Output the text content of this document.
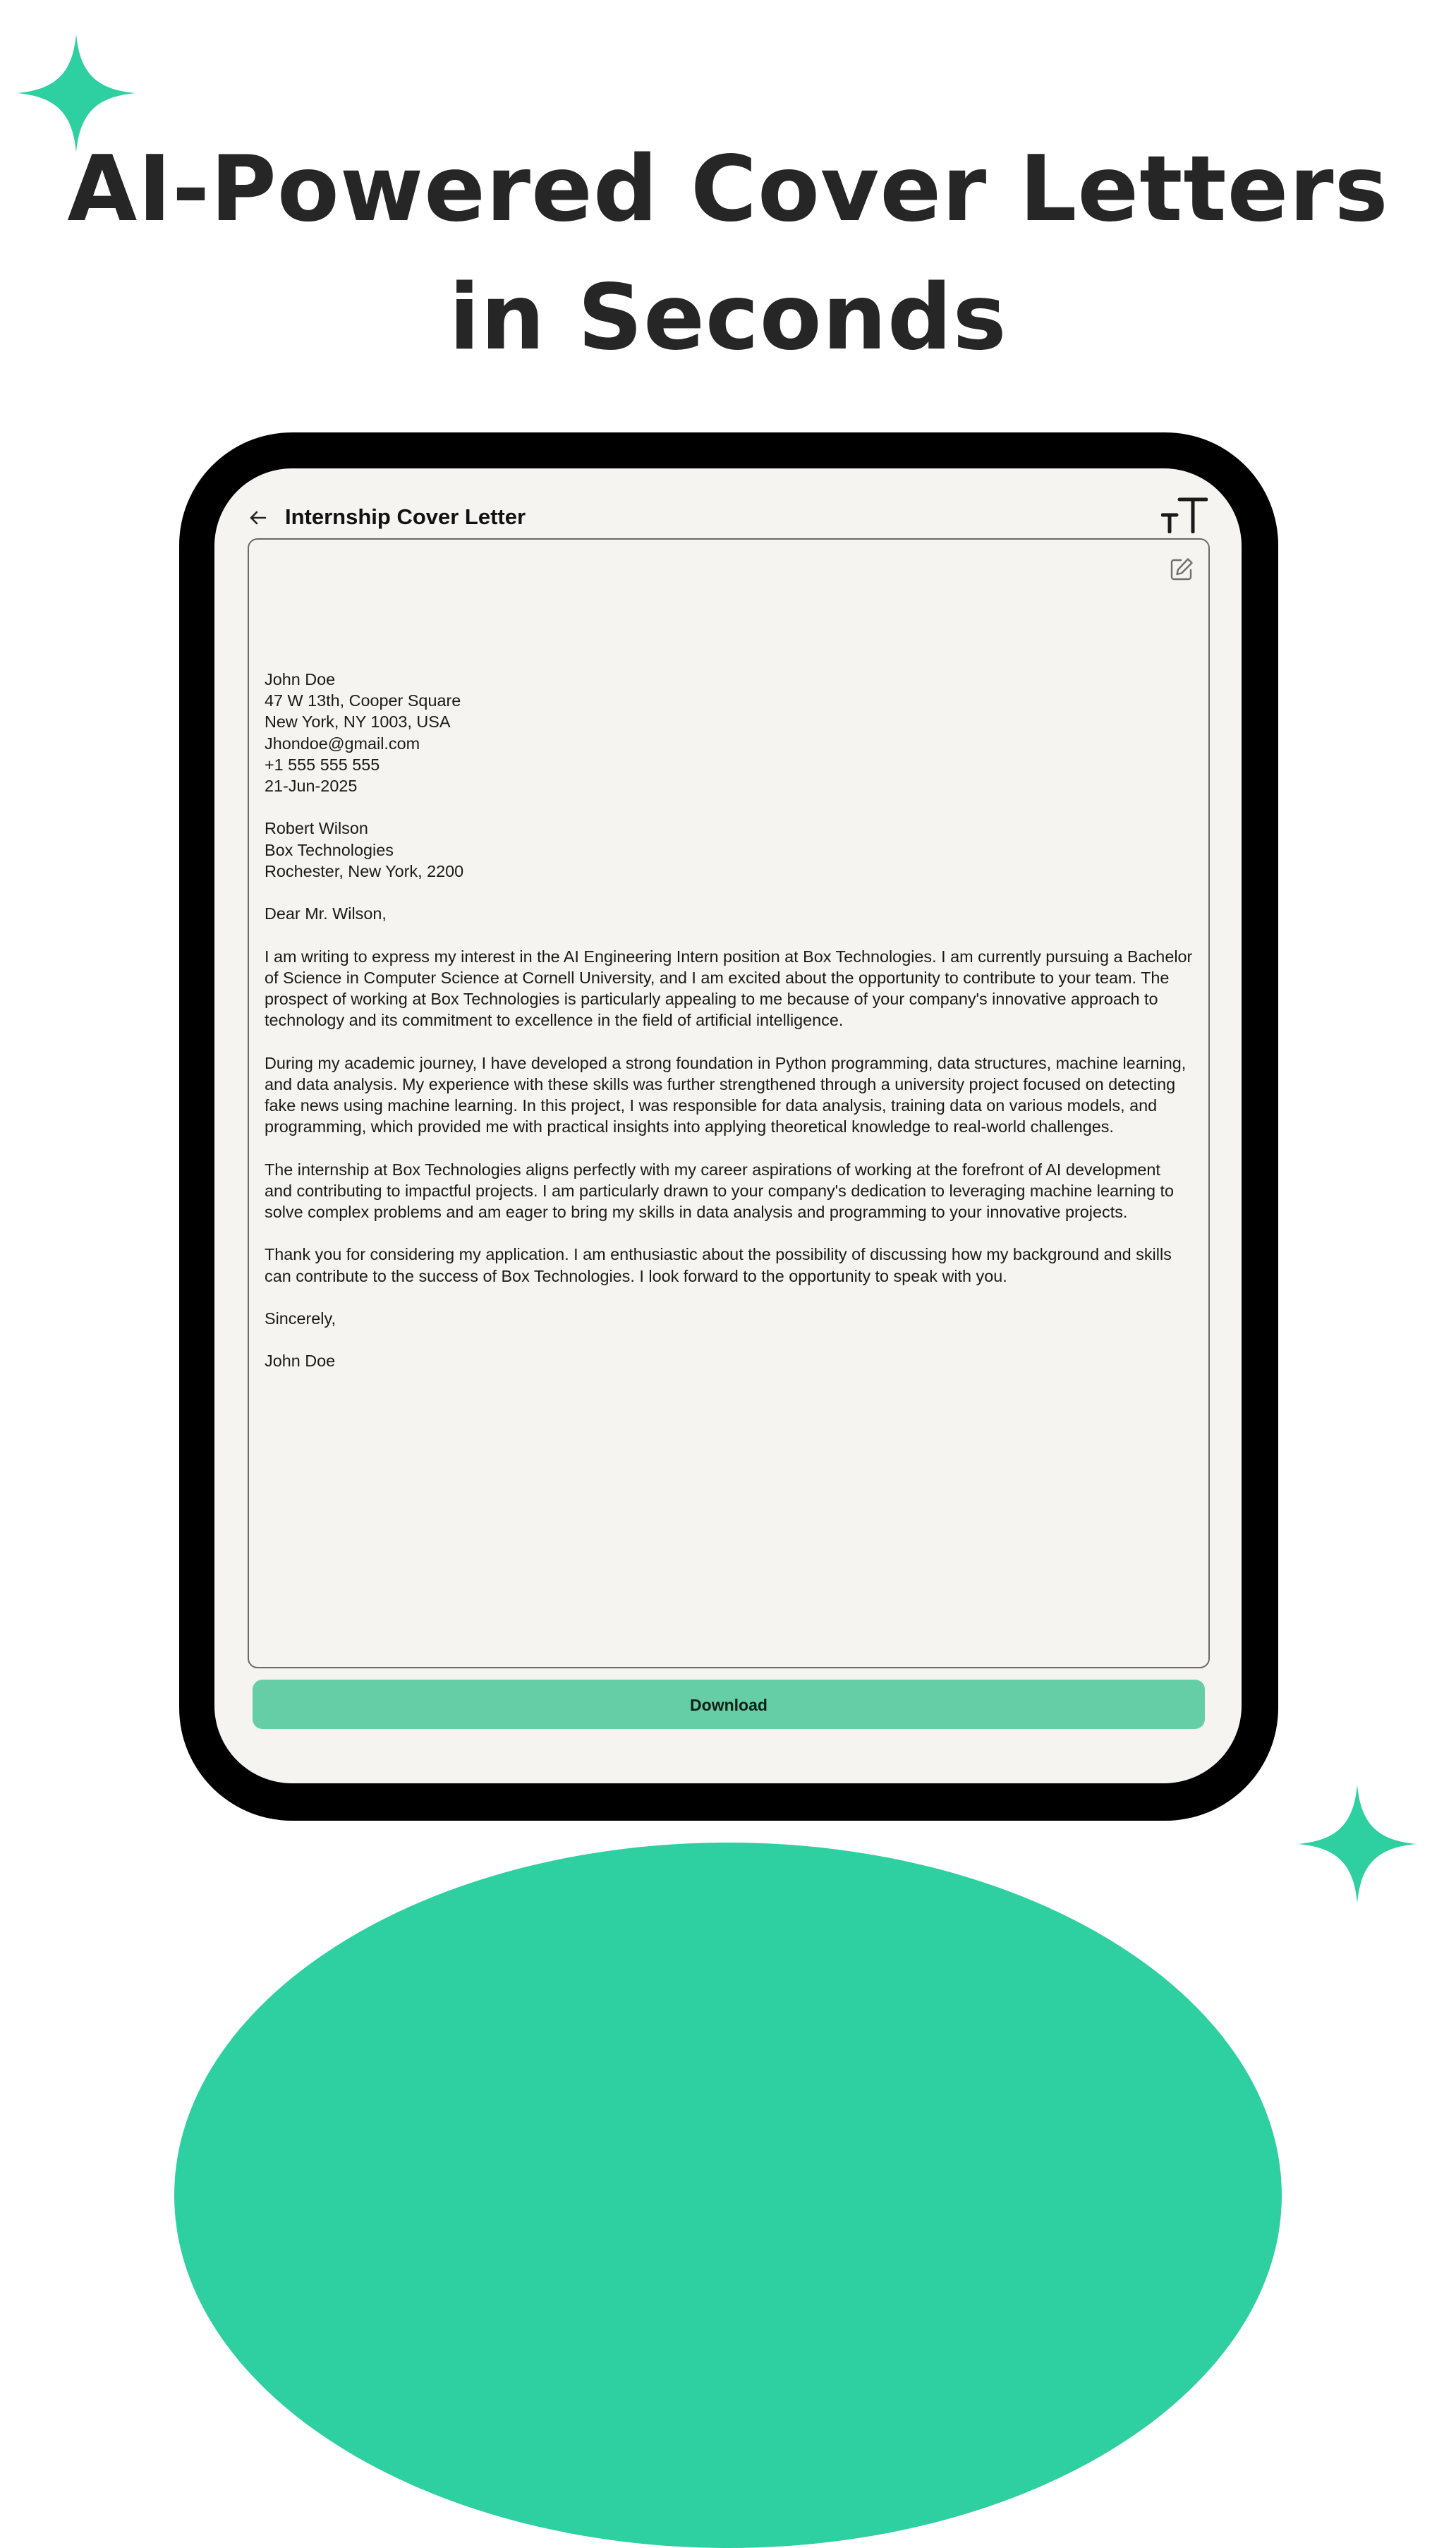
AI-Powered Cover Letters
in Seconds
Internship Cover Letter
John Doe
47 W 13th, Cooper Square
New York, NY 1003, USA
Jhondoe@gmail.com
+1 555 555 555
21-Jun-2025
Robert Wilson
Box Technologies
Rochester, New York, 2200
Dear Mr. Wilson,
I am writing to express my interest in the AI Engineering Intern position at Box Technologies. I am currently pursuing a Bachelor
of Science in Computer Science at Cornell University, and I am excited about the opportunity to contribute to your team. The
prospect of working at Box Technologies is particularly appealing to me because of your company's innovative approach to
technology and its commitment to excellence in the field of artificial intelligence.
During my academic journey, I have developed a strong foundation in Python programming, data structures, machine learning,
and data analysis. My experience with these skills was further strengthened through a university project focused on detecting
fake news using machine learning. In this project, I was responsible for data analysis, training data on various models, and
programming, which provided me with practical insights into applying theoretical knowledge to real-world challenges.
The internship at Box Technologies aligns perfectly with my career aspirations of working at the forefront of AI development
and contributing to impactful projects. I am particularly drawn to your company's dedication to leveraging machine learning to
solve complex problems and am eager to bring my skills in data analysis and programming to your innovative projects.
Thank you for considering my application. I am enthusiastic about the possibility of discussing how my background and skills
can contribute to the success of Box Technologies. I look forward to the opportunity to speak with you.
Sincerely,
John Doe
Download
